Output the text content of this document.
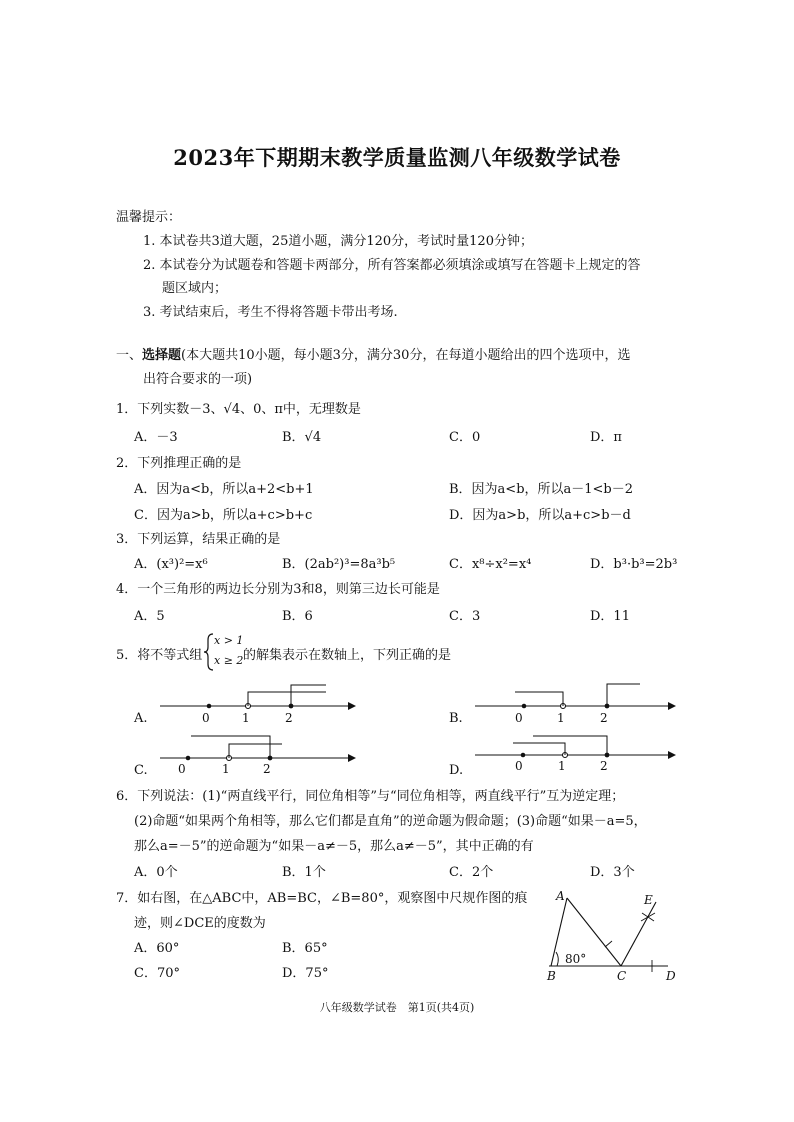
2023年下期期末教学质量监测八年级数学试卷
温馨提示：
1. 本试卷共3道大题，25道小题，满分120分，考试时量120分钟；
2. 本试卷分为试题卷和答题卡两部分，所有答案都必须填涂或填写在答题卡上规定的答
题区域内；
3. 考试结束后，考生不得将答题卡带出考场.
一、选择题(本大题共10小题，每小题3分，满分30分，在每道小题给出的四个选项中，选
出符合要求的一项)
1．下列实数－3、√4、0、π中，无理数是
A．－3	B．√4	C．0	D．π
2．下列推理正确的是
A．因为a<b，所以a+2<b+1	B．因为a<b，所以a－1<b－2
C．因为a>b，所以a+c>b+c	D．因为a>b，所以a+c>b－d
3．下列运算，结果正确的是
A．(x³)²=x⁶	B．(2ab²)³=8a³b⁵	C．x⁸÷x²=x⁴	D．b³·b³=2b³
4．一个三角形的两边长分别为3和8，则第三边长可能是
A．5	B．6	C．3	D．11
5．将不等式组
x > 1
x ≥ 2 的解集表示在数轴上，下列正确的是
A.	B.
C.	D.
0	1	2	0	1	2
0	1	2	0	1	2
6．下列说法：(1)“两直线平行，同位角相等”与“同位角相等，两直线平行”互为逆定理；
(2)命题“如果两个角相等，那么它们都是直角”的逆命题为假命题；(3)命题“如果－a=5，
那么a=－5”的逆命题为“如果－a≠－5，那么a≠－5”，其中正确的有
A．0个	B．1个	C．2个	D．3个
7．如右图，在△ABC中，AB=BC，∠B=80°，观察图中尺规作图的痕
迹，则∠DCE的度数为
A．60°	B．65°
C．70°	D．75°
A
B	C	D
E
80°
八年级数学试卷　第1页(共4页)
